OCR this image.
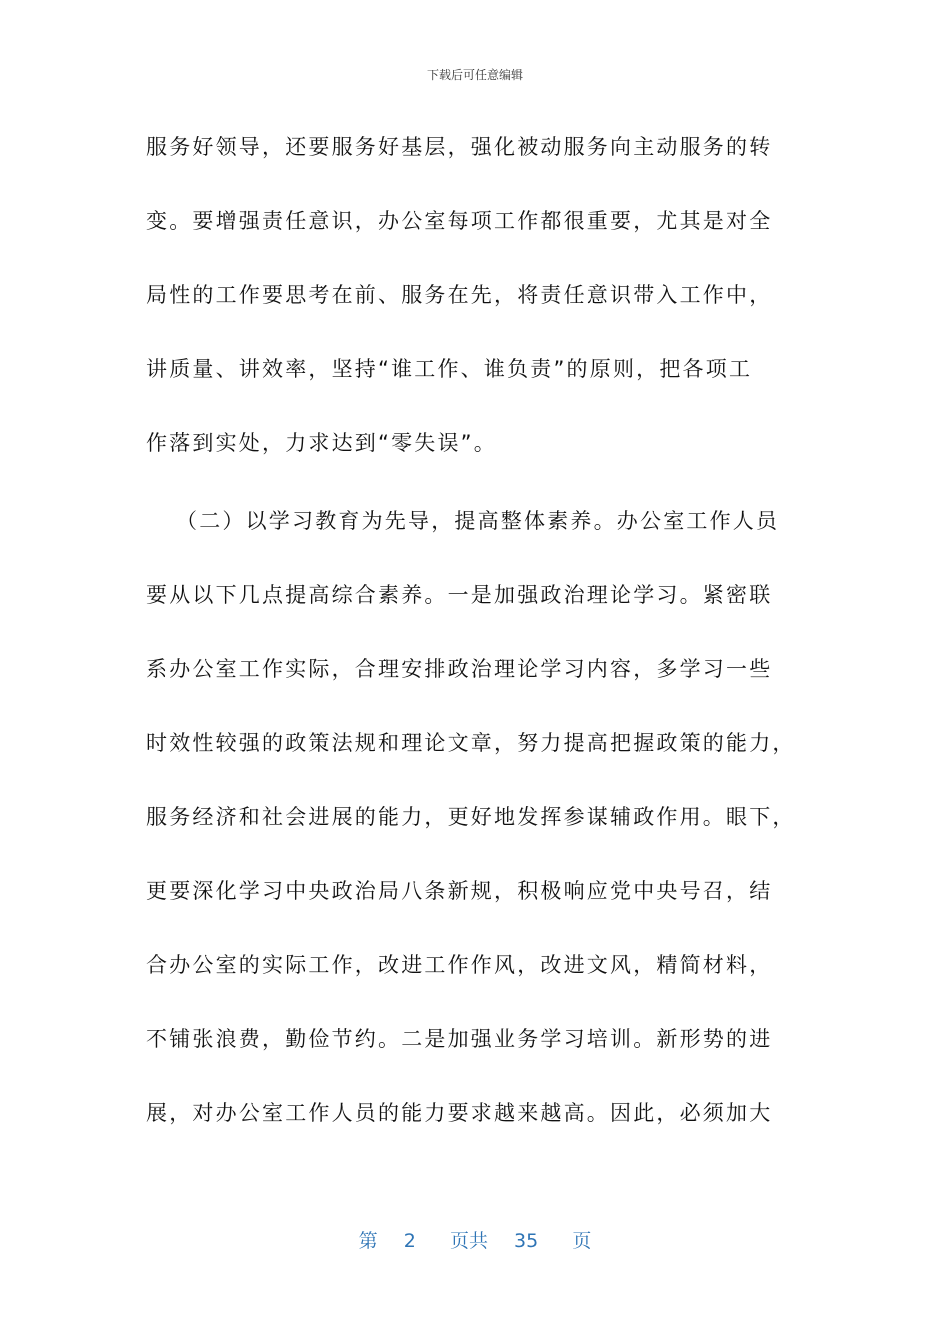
下载后可任意编辑
服务好领导，还要服务好基层，强化被动服务向主动服务的转
变。要增强责任意识，办公室每项工作都很重要，尤其是对全
局性的工作要思考在前、服务在先，将责任意识带入工作中，
讲质量、讲效率，坚持“谁工作、谁负责”的原则，把各项工
作落到实处，力求达到“零失误”。
（二）以学习教育为先导，提高整体素养。办公室工作人员
要从以下几点提高综合素养。一是加强政治理论学习。紧密联
系办公室工作实际，合理安排政治理论学习内容，多学习一些
时效性较强的政策法规和理论文章，努力提高把握政策的能力，
服务经济和社会进展的能力，更好地发挥参谋辅政作用。眼下，
更要深化学习中央政治局八条新规，积极响应党中央号召，结
合办公室的实际工作，改进工作作风，改进文风，精简材料，
不铺张浪费，勤俭节约。二是加强业务学习培训。新形势的进
展，对办公室工作人员的能力要求越来越高。因此，必须加大
第 2 页共 35 页
